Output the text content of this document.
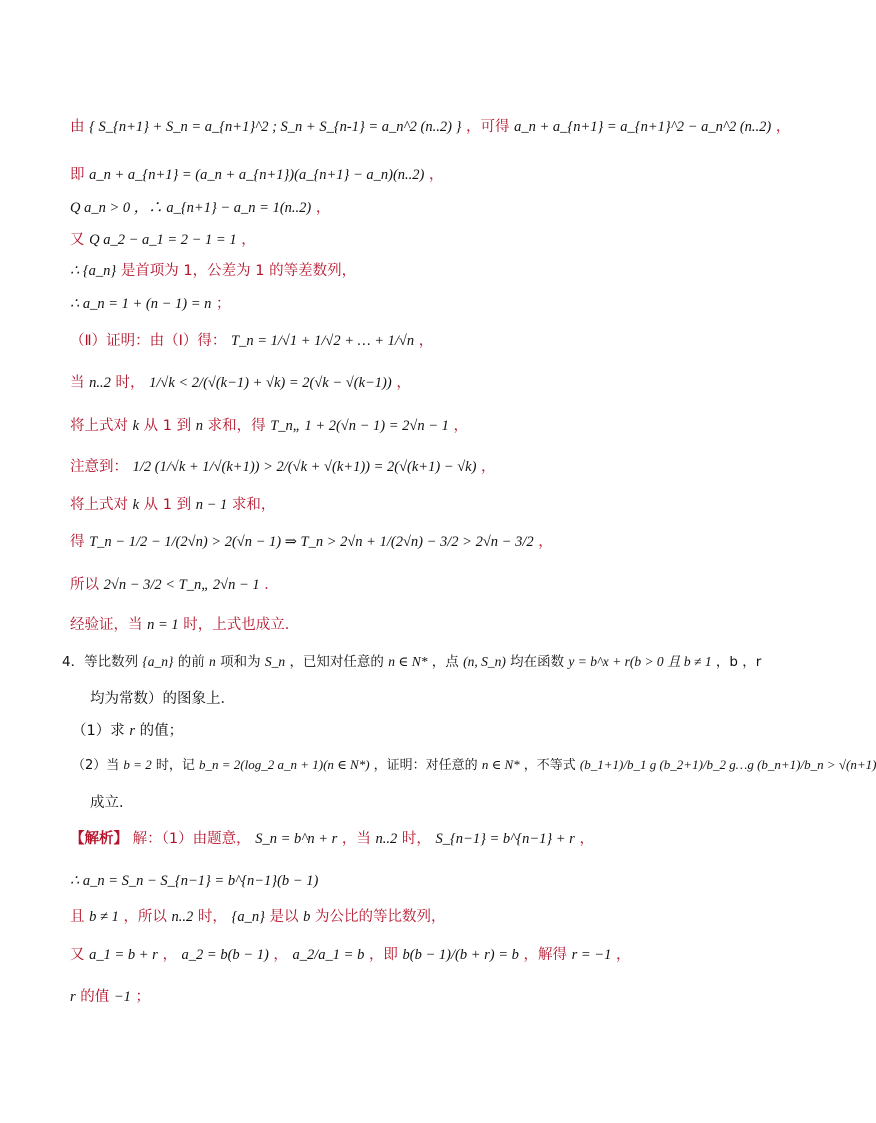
由 { S_{n+1} + S_n = a_{n+1}^2 ; S_n + S_{n-1} = a_n^2 (n..2) } ，可得 a_n + a_{n+1} = a_{n+1}^2 − a_n^2 (n..2) ，
即 a_n + a_{n+1} = (a_n + a_{n+1})(a_{n+1} − a_n)(n..2) ，
Q a_n > 0 ，∴ a_{n+1} − a_n = 1(n..2) ，
又 Q a_2 − a_1 = 2 − 1 = 1 ，
∴ {a_n} 是首项为 1，公差为 1 的等差数列，
∴ a_n = 1 + (n − 1) = n ；
（Ⅱ）证明：由（Ⅰ）得： T_n = 1/√1 + 1/√2 + … + 1/√n ，
当 n..2 时， 1/√k < 2/(√(k−1) + √k) = 2(√k − √(k−1)) ，
将上式对 k 从 1 到 n 求和，得 T_n„ 1 + 2(√n − 1) = 2√n − 1 ，
注意到： 1/2 (1/√k + 1/√(k+1)) > 2/(√k + √(k+1)) = 2(√(k+1) − √k) ，
将上式对 k 从 1 到 n − 1 求和，
得 T_n − 1/2 − 1/(2√n) > 2(√n − 1) ⇒ T_n > 2√n + 1/(2√n) − 3/2 > 2√n − 3/2 ，
所以 2√n − 3/2 < T_n„ 2√n − 1 ．
经验证，当 n = 1 时，上式也成立．
4．等比数列 {a_n} 的前 n 项和为 S_n ，已知对任意的 n ∈ N* ，点 (n, S_n) 均在函数 y = b^x + r(b > 0 且 b ≠ 1 ，b ，r
均为常数）的图象上．
（1）求 r 的值；
（2）当 b = 2 时，记 b_n = 2(log_2 a_n + 1)(n ∈ N*) ，证明：对任意的 n ∈ N* ，不等式 (b_1+1)/b_1 g (b_2+1)/b_2 g…g (b_n+1)/b_n > √(n+1)
成立．
【解析】 解：（1）由题意， S_n = b^n + r ，当 n..2 时， S_{n−1} = b^{n−1} + r ，
∴ a_n = S_n − S_{n−1} = b^{n−1}(b − 1)
且 b ≠ 1 ，所以 n..2 时， {a_n} 是以 b 为公比的等比数列，
又 a_1 = b + r ， a_2 = b(b − 1) ， a_2/a_1 = b ，即 b(b − 1)/(b + r) = b ，解得 r = −1 ，
r 的值 −1 ；
